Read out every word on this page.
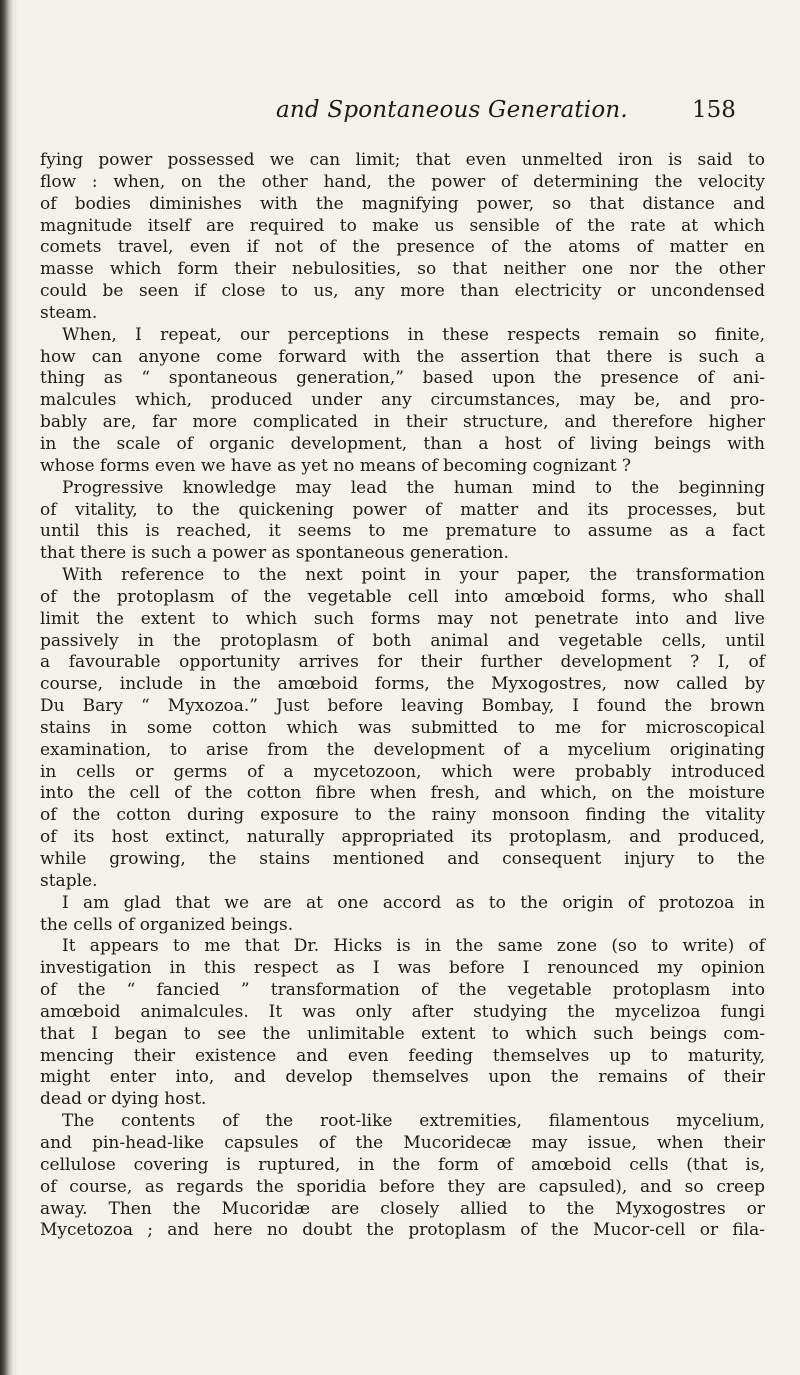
and Spontaneous Generation.	158
fying power possessed we can limit; that even unmelted iron is said to
flow : when, on the other hand, the power of determining the velocity
of bodies diminishes with the magnifying power, so that distance and
magnitude itself are required to make us sensible of the rate at which
comets travel, even if not of the presence of the atoms of matter en
masse which form their nebulosities, so that neither one nor the other
could be seen if close to us, any more than electricity or uncondensed
steam.
When, I repeat, our perceptions in these respects remain so finite,
how can anyone come forward with the assertion that there is such a
thing as “ spontaneous generation,” based upon the presence of ani-
malcules which, produced under any circumstances, may be, and pro-
bably are, far more complicated in their structure, and therefore higher
in the scale of organic development, than a host of living beings with
whose forms even we have as yet no means of becoming cognizant ?
Progressive knowledge may lead the human mind to the beginning
of vitality, to the quickening power of matter and its processes, but
until this is reached, it seems to me premature to assume as a fact
that there is such a power as spontaneous generation.
With reference to the next point in your paper, the transformation
of the protoplasm of the vegetable cell into amœboid forms, who shall
limit the extent to which such forms may not penetrate into and live
passively in the protoplasm of both animal and vegetable cells, until
a favourable opportunity arrives for their further development ? I, of
course, include in the amœboid forms, the Myxogostres, now called by
Du Bary “ Myxozoa.” Just before leaving Bombay, I found the brown
stains in some cotton which was submitted to me for microscopical
examination, to arise from the development of a mycelium originating
in cells or germs of a mycetozoon, which were probably introduced
into the cell of the cotton fibre when fresh, and which, on the moisture
of the cotton during exposure to the rainy monsoon finding the vitality
of its host extinct, naturally appropriated its protoplasm, and produced,
while growing, the stains mentioned and consequent injury to the
staple.
I am glad that we are at one accord as to the origin of protozoa in
the cells of organized beings.
It appears to me that Dr. Hicks is in the same zone (so to write) of
investigation in this respect as I was before I renounced my opinion
of the “ fancied ” transformation of the vegetable protoplasm into
amœboid animalcules. It was only after studying the mycelizoa fungi
that I began to see the unlimitable extent to which such beings com-
mencing their existence and even feeding themselves up to maturity,
might enter into, and develop themselves upon the remains of their
dead or dying host.
The contents of the root-like extremities, filamentous mycelium,
and pin-head-like capsules of the Mucoridecæ may issue, when their
cellulose covering is ruptured, in the form of amœboid cells (that is,
of course, as regards the sporidia before they are capsuled), and so creep
away. Then the Mucoridæ are closely allied to the Myxogostres or
Mycetozoa ; and here no doubt the protoplasm of the Mucor-cell or fila-
